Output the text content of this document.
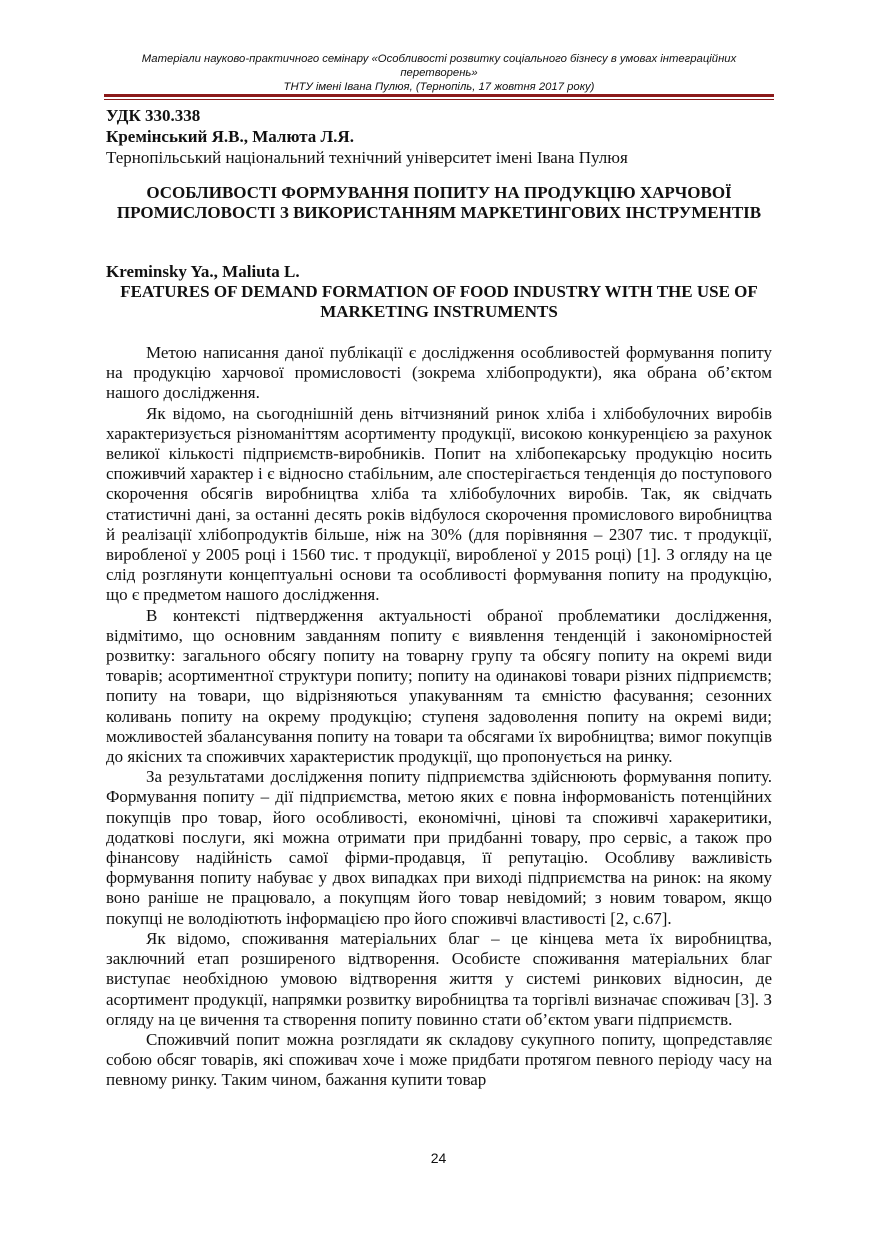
Матеріали науково-практичного семінару «Особливості розвитку соціального бізнесу в умовах інтеграційних перетворень»
ТНТУ імені Івана Пулюя, (Тернопіль, 17 жовтня 2017 року)
УДК 330.338
Кремінський Я.В., Малюта Л.Я.
Тернопільський національний технічний університет імені Івана Пулюя
ОСОБЛИВОСТІ ФОРМУВАННЯ ПОПИТУ НА ПРОДУКЦІЮ ХАРЧОВОЇ ПРОМИСЛОВОСТІ З ВИКОРИСТАННЯМ МАРКЕТИНГОВИХ ІНСТРУМЕНТІВ
Kreminsky Ya., Maliuta L.
FEATURES OF DEMAND FORMATION OF FOOD INDUSTRY WITH THE USE OF MARKETING INSTRUMENTS

Метою написання даної публікації є дослідження особливостей формування попиту на продукцію харчової промисловості (зокрема хлібопродукти), яка обрана об’єктом нашого дослідження.

Як відомо, на сьогоднішній день вітчизняний ринок хліба і хлібобулочних виробів характеризується різноманіттям асортименту продукції, високою конкуренцією за рахунок великої кількості підприємств-виробників. Попит на хлібопекарську продукцію носить споживчий характер і є відносно стабільним, але спостерігається тенденція до поступового скорочення обсягів виробництва хліба та хлібобулочних виробів. Так, як свідчать статистичні дані, за останні десять років відбулося скорочення промислового виробництва й реалізації хлібопродуктів більше, ніж на 30% (для порівняння – 2307 тис. т продукції, виробленої у 2005 році і 1560 тис. т продукції, виробленої у 2015 році) [1]. З огляду на це слід розглянути концептуальні основи та особливості формування попиту на продукцію, що є предметом нашого дослідження.

В контексті підтвердження актуальності обраної проблематики дослідження, відмітимо, що основним завданням попиту є виявлення тенденцій і закономірностей розвитку: загального обсягу попиту на товарну групу та обсягу попиту на окремі види товарів; асортиментної структури попиту; попиту на одинакові товари різних підприємств; попиту на товари, що відрізняються упакуванням та ємністю фасування; сезонних коливань попиту на окрему продукцію; ступеня задоволення попиту на окремі види; можливостей збалансування попиту на товари та обсягами їх виробництва; вимог покупців до якісних та споживчих характеристик продукції, що пропонується на ринку.

За результатами дослідження попиту підприємства здійснюють формування попиту. Формування попиту – дії підприємства, метою яких є повна інформованість потенційних покупців про товар, його особливості, економічні, цінові та споживчі харакеритики, додаткові послуги, які можна отримати при придбанні товару, про сервіс, а також про фінансову надійність самої фірми-продавця, її репутацію. Особливу важливість формування попиту набуває у двох випадках при виході підприємства на ринок: на якому воно раніше не працювало, а покупцям його товар невідомий; з новим товаром, якщо покупці не володіютють інформацією про його споживчі властивості [2, с.67].

Як відомо, споживання матеріальних благ – це кінцева мета їх виробництва, заключний етап розширеного відтворення. Особисте споживання матеріальних благ виступає необхідною умовою відтворення життя у системі ринкових відносин, де асортимент продукції, напрямки розвитку виробництва та торгівлі визначає споживач [3]. З огляду на це вичення та створення попиту повинно стати об’єктом уваги підприємств.

Споживчий попит можна розглядати як складову сукупного попиту, щопредставляє собою обсяг товарів, які споживач хоче і може придбати протягом певного періоду часу на певному ринку. Таким чином, бажання купити товар

24
